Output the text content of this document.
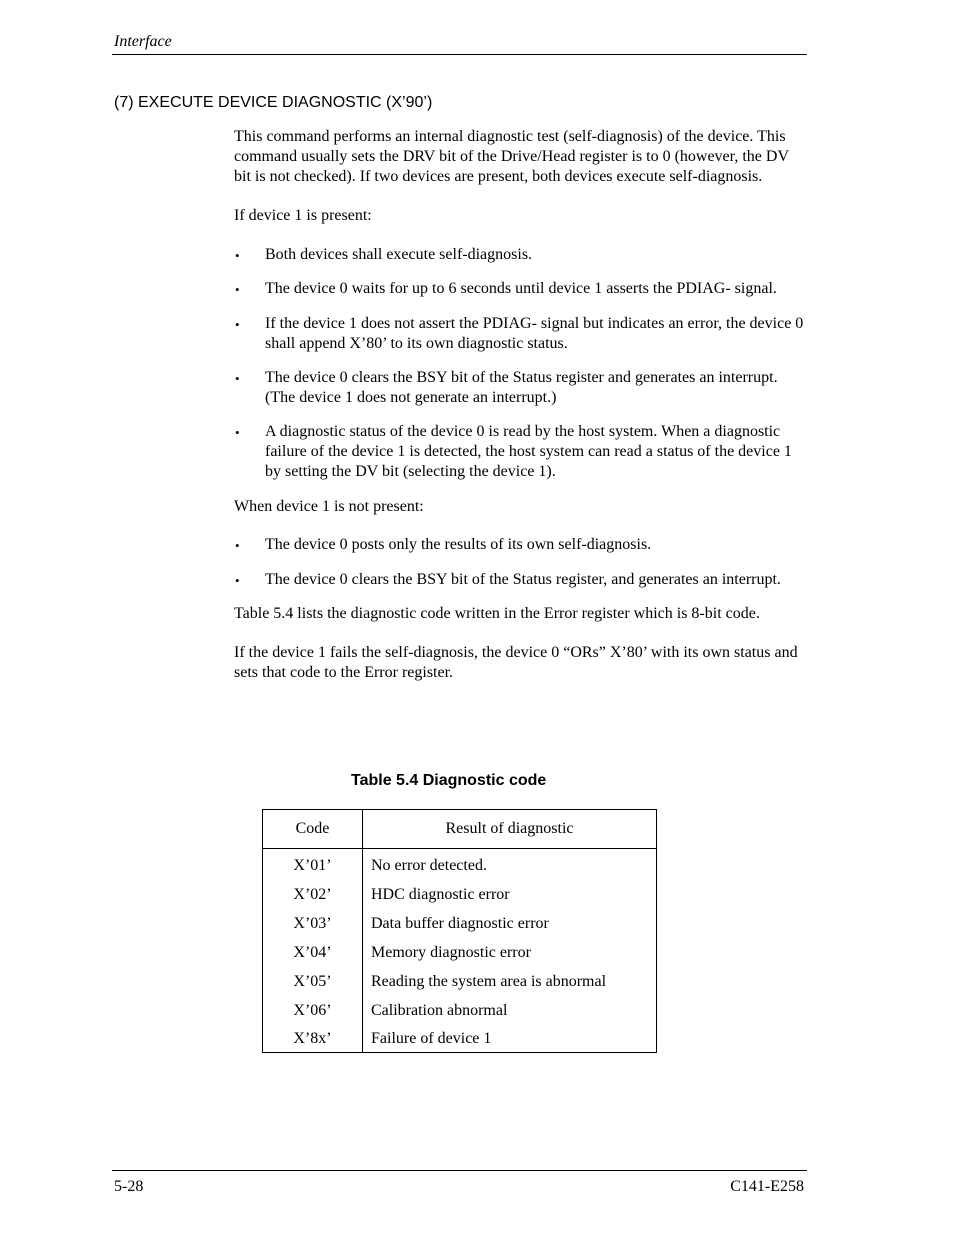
Interface
(7) EXECUTE DEVICE DIAGNOSTIC (X’90’)

This command performs an internal diagnostic test (self-diagnosis) of the device. This command usually sets the DRV bit of the Drive/Head register is to 0 (however, the DV bit is not checked). If two devices are present, both devices execute self-diagnosis.

If device 1 is present:

• Both devices shall execute self-diagnosis.
• The device 0 waits for up to 6 seconds until device 1 asserts the PDIAG- signal.
• If the device 1 does not assert the PDIAG- signal but indicates an error, the device 0 shall append X’80’ to its own diagnostic status.
• The device 0 clears the BSY bit of the Status register and generates an interrupt. (The device 1 does not generate an interrupt.)
• A diagnostic status of the device 0 is read by the host system. When a diagnostic failure of the device 1 is detected, the host system can read a status of the device 1 by setting the DV bit (selecting the device 1).

When device 1 is not present:

• The device 0 posts only the results of its own self-diagnosis.
• The device 0 clears the BSY bit of the Status register, and generates an interrupt.

Table 5.4 lists the diagnostic code written in the Error register which is 8-bit code.

If the device 1 fails the self-diagnosis, the device 0 “ORs” X’80’ with its own status and sets that code to the Error register.

Table 5.4 Diagnostic code
Code	Result of diagnostic
X’01’	No error detected.
X’02’	HDC diagnostic error
X’03’	Data buffer diagnostic error
X’04’	Memory diagnostic error
X’05’	Reading the system area is abnormal
X’06’	Calibration abnormal
X’8x’	Failure of device 1
5-28	C141-E258
